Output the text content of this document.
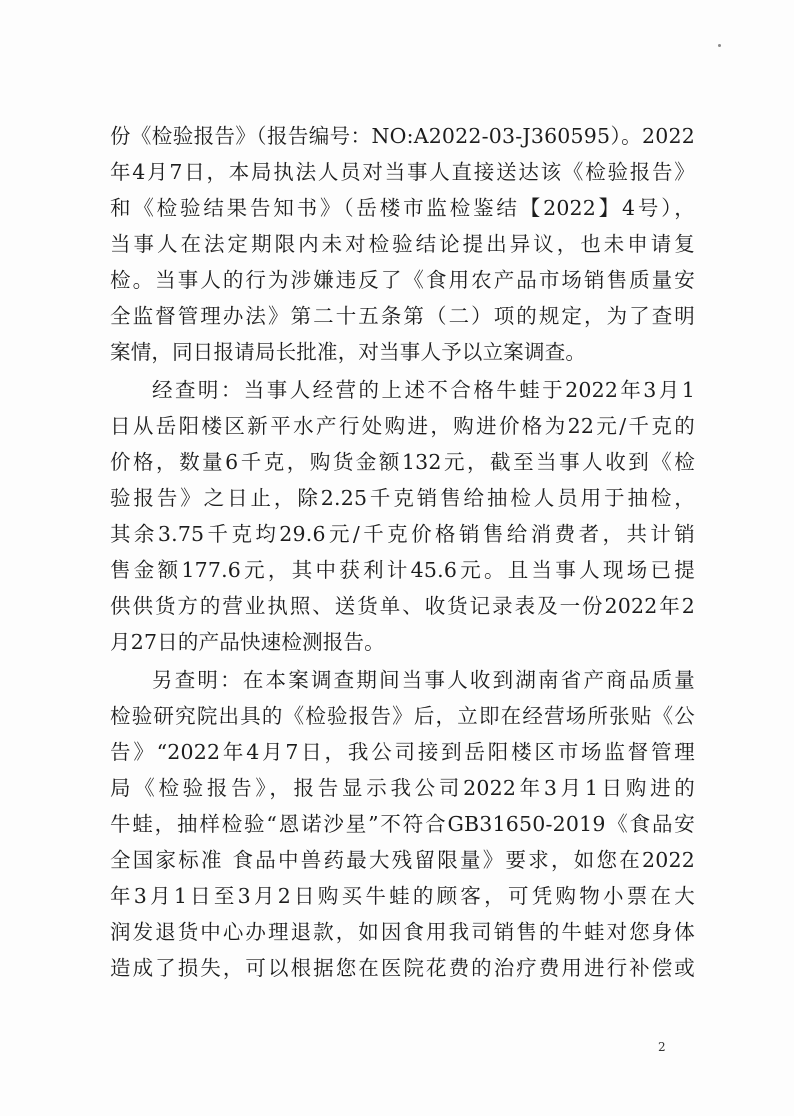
份《检验报告》（报告编号：NO:A2022-03-J360595）。2022
年4月7日，本局执法人员对当事人直接送达该《检验报告》
和《检验结果告知书》（岳楼市监检鉴结【2022】4号），
当事人在法定期限内未对检验结论提出异议，也未申请复
检。当事人的行为涉嫌违反了《食用农产品市场销售质量安
全监督管理办法》第二十五条第（二）项的规定，为了查明
案情，同日报请局长批准，对当事人予以立案调查。
经查明：当事人经营的上述不合格牛蛙于2022年3月1
日从岳阳楼区新平水产行处购进，购进价格为22元/千克的
价格，数量6千克，购货金额132元，截至当事人收到《检
验报告》之日止，除2.25千克销售给抽检人员用于抽检，
其余3.75千克均29.6元/千克价格销售给消费者，共计销
售金额177.6元，其中获利计45.6元。且当事人现场已提
供供货方的营业执照、送货单、收货记录表及一份2022年2
月27日的产品快速检测报告。
另查明：在本案调查期间当事人收到湖南省产商品质量
检验研究院出具的《检验报告》后，立即在经营场所张贴《公
告》“2022年4月7日，我公司接到岳阳楼区市场监督管理
局《检验报告》，报告显示我公司2022年3月1日购进的
牛蛙，抽样检验“恩诺沙星”不符合GB31650-2019《食品安
全国家标准 食品中兽药最大残留限量》要求，如您在2022
年3月1日至3月2日购买牛蛙的顾客，可凭购物小票在大
润发退货中心办理退款，如因食用我司销售的牛蛙对您身体
造成了损失，可以根据您在医院花费的治疗费用进行补偿或
2
